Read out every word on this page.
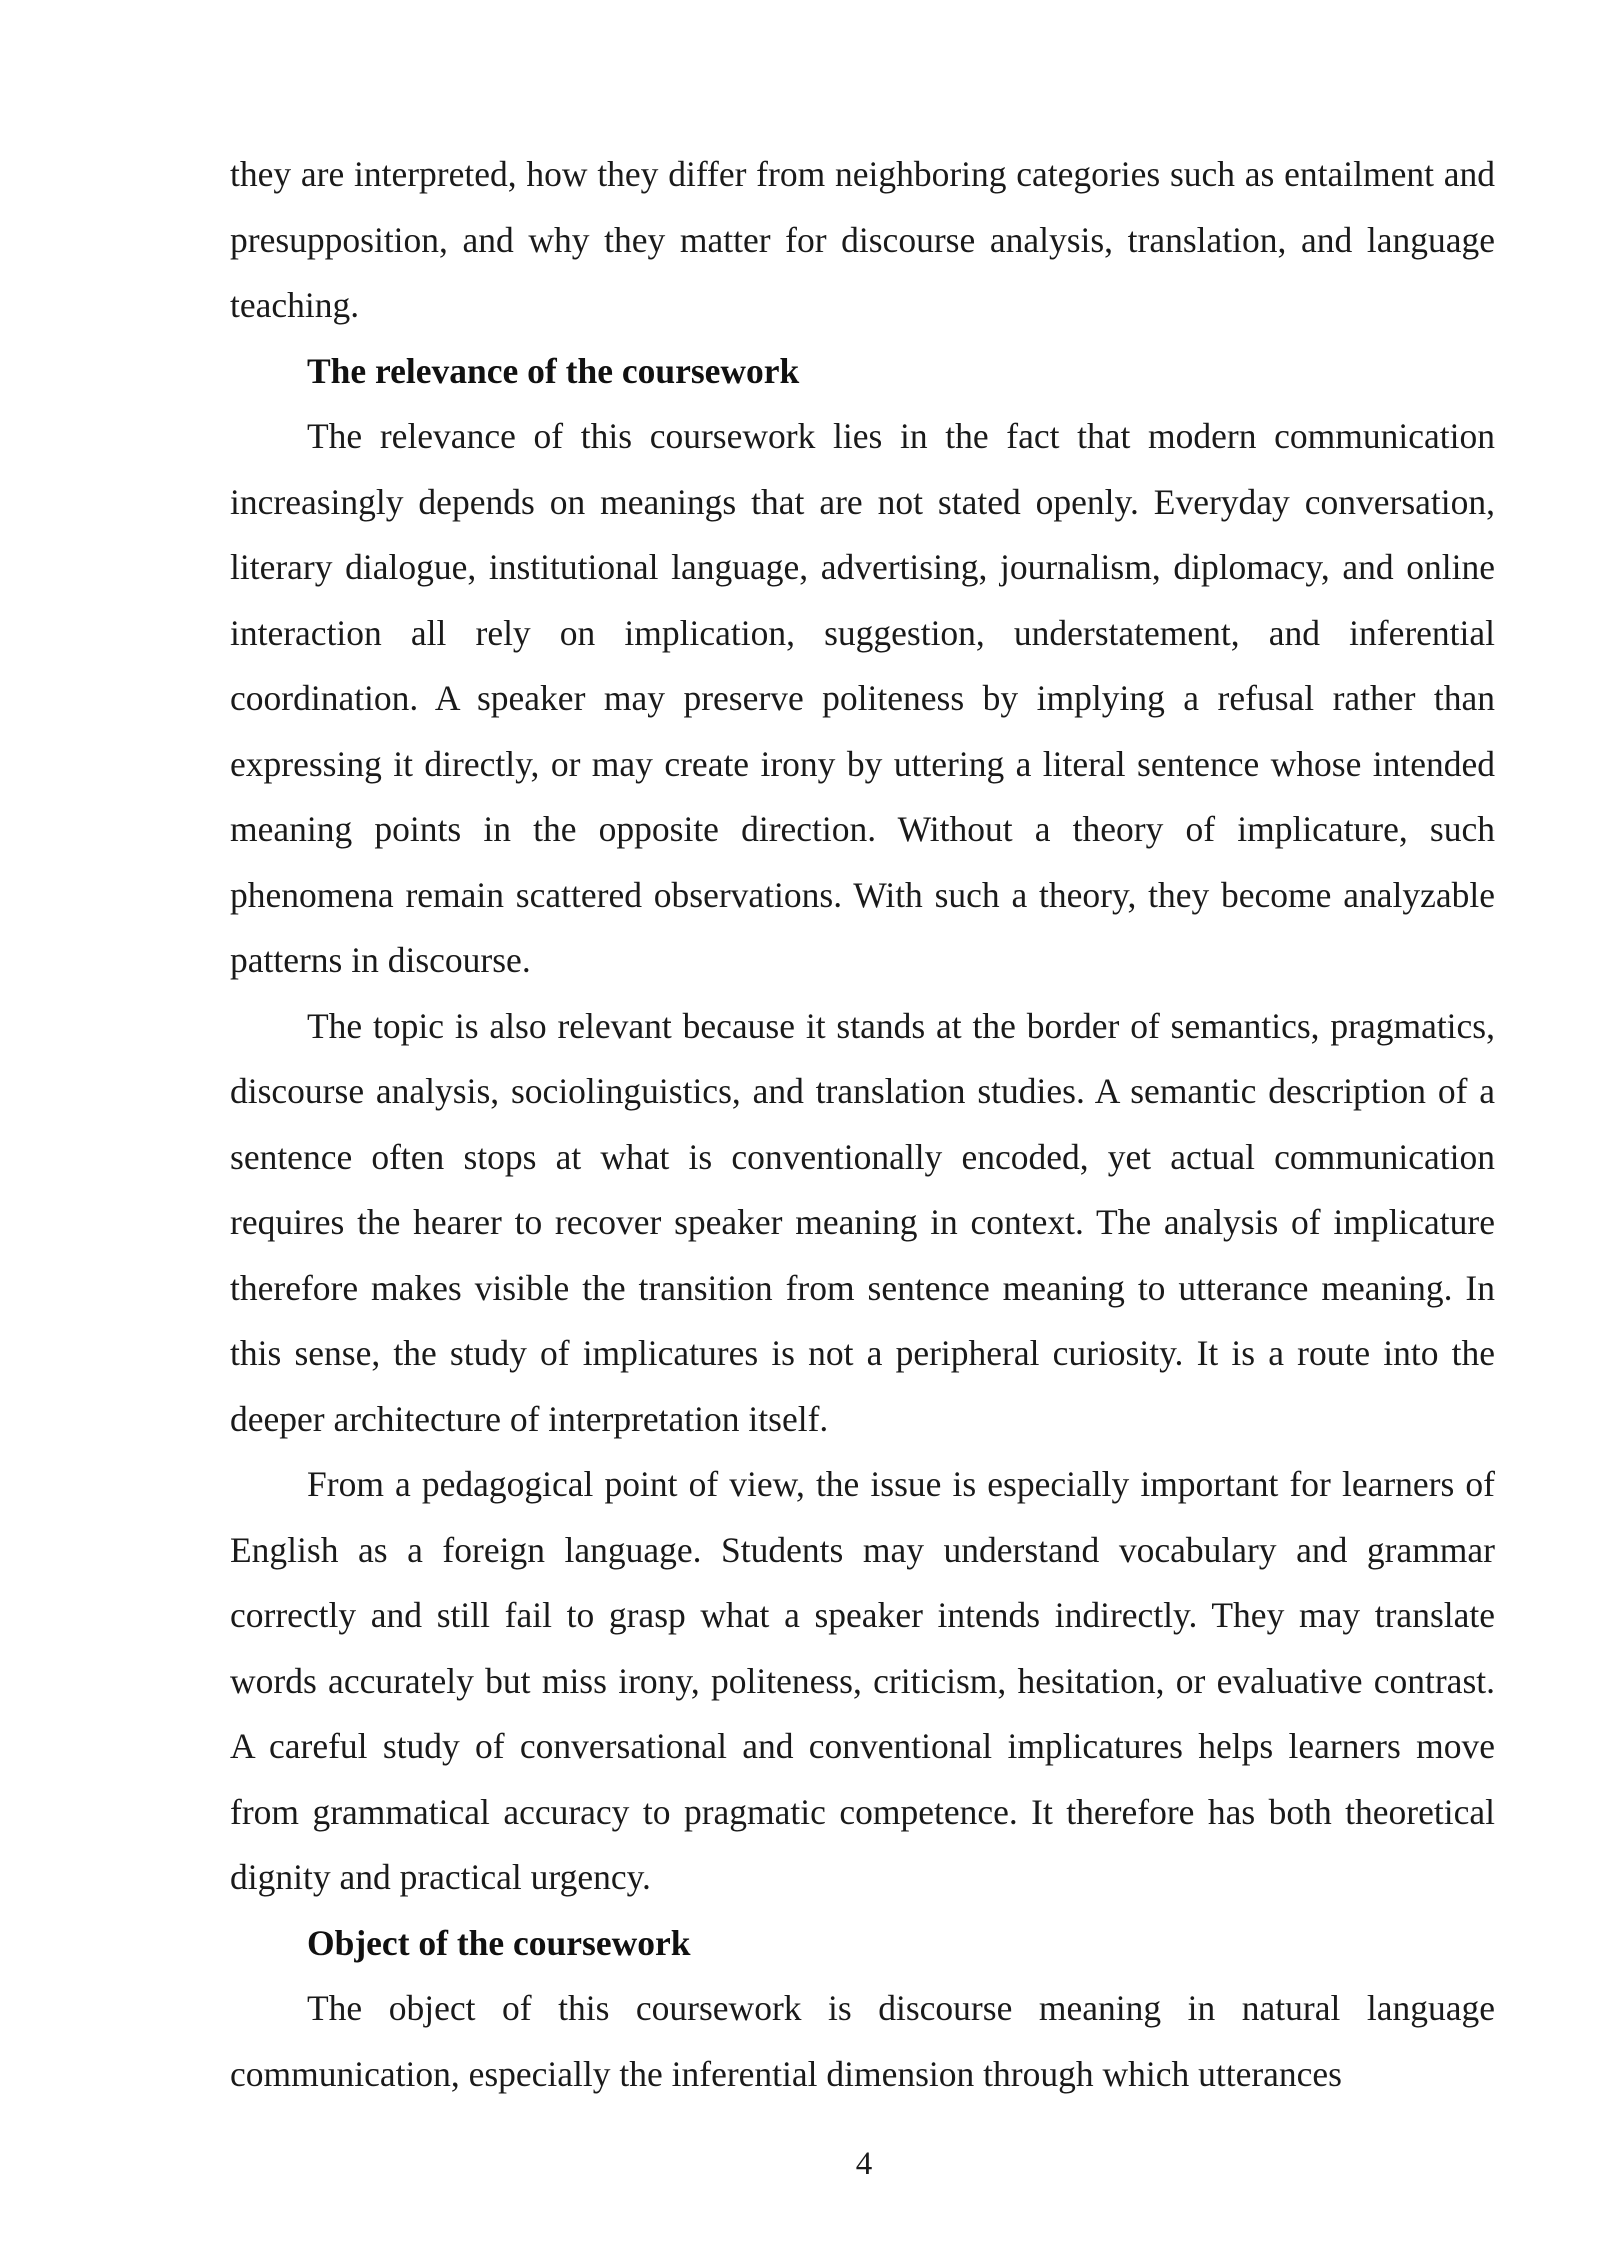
they are interpreted, how they differ from neighboring categories such as entailment and presupposition, and why they matter for discourse analysis, translation, and language teaching.

The relevance of the coursework

The relevance of this coursework lies in the fact that modern communication increasingly depends on meanings that are not stated openly. Everyday conversation, literary dialogue, institutional language, advertising, journalism, diplomacy, and online interaction all rely on implication, suggestion, understatement, and inferential coordination. A speaker may preserve politeness by implying a refusal rather than expressing it directly, or may create irony by uttering a literal sentence whose intended meaning points in the opposite direction. Without a theory of implicature, such phenomena remain scattered observations. With such a theory, they become analyzable patterns in discourse.

The topic is also relevant because it stands at the border of semantics, pragmatics, discourse analysis, sociolinguistics, and translation studies. A semantic description of a sentence often stops at what is conventionally encoded, yet actual communication requires the hearer to recover speaker meaning in context. The analysis of implicature therefore makes visible the transition from sentence meaning to utterance meaning. In this sense, the study of implicatures is not a peripheral curiosity. It is a route into the deeper architecture of interpretation itself.

From a pedagogical point of view, the issue is especially important for learners of English as a foreign language. Students may understand vocabulary and grammar correctly and still fail to grasp what a speaker intends indirectly. They may translate words accurately but miss irony, politeness, criticism, hesitation, or evaluative contrast. A careful study of conversational and conventional implicatures helps learners move from grammatical accuracy to pragmatic competence. It therefore has both theoretical dignity and practical urgency.

Object of the coursework

The object of this coursework is discourse meaning in natural language communication, especially the inferential dimension through which utterances

4
